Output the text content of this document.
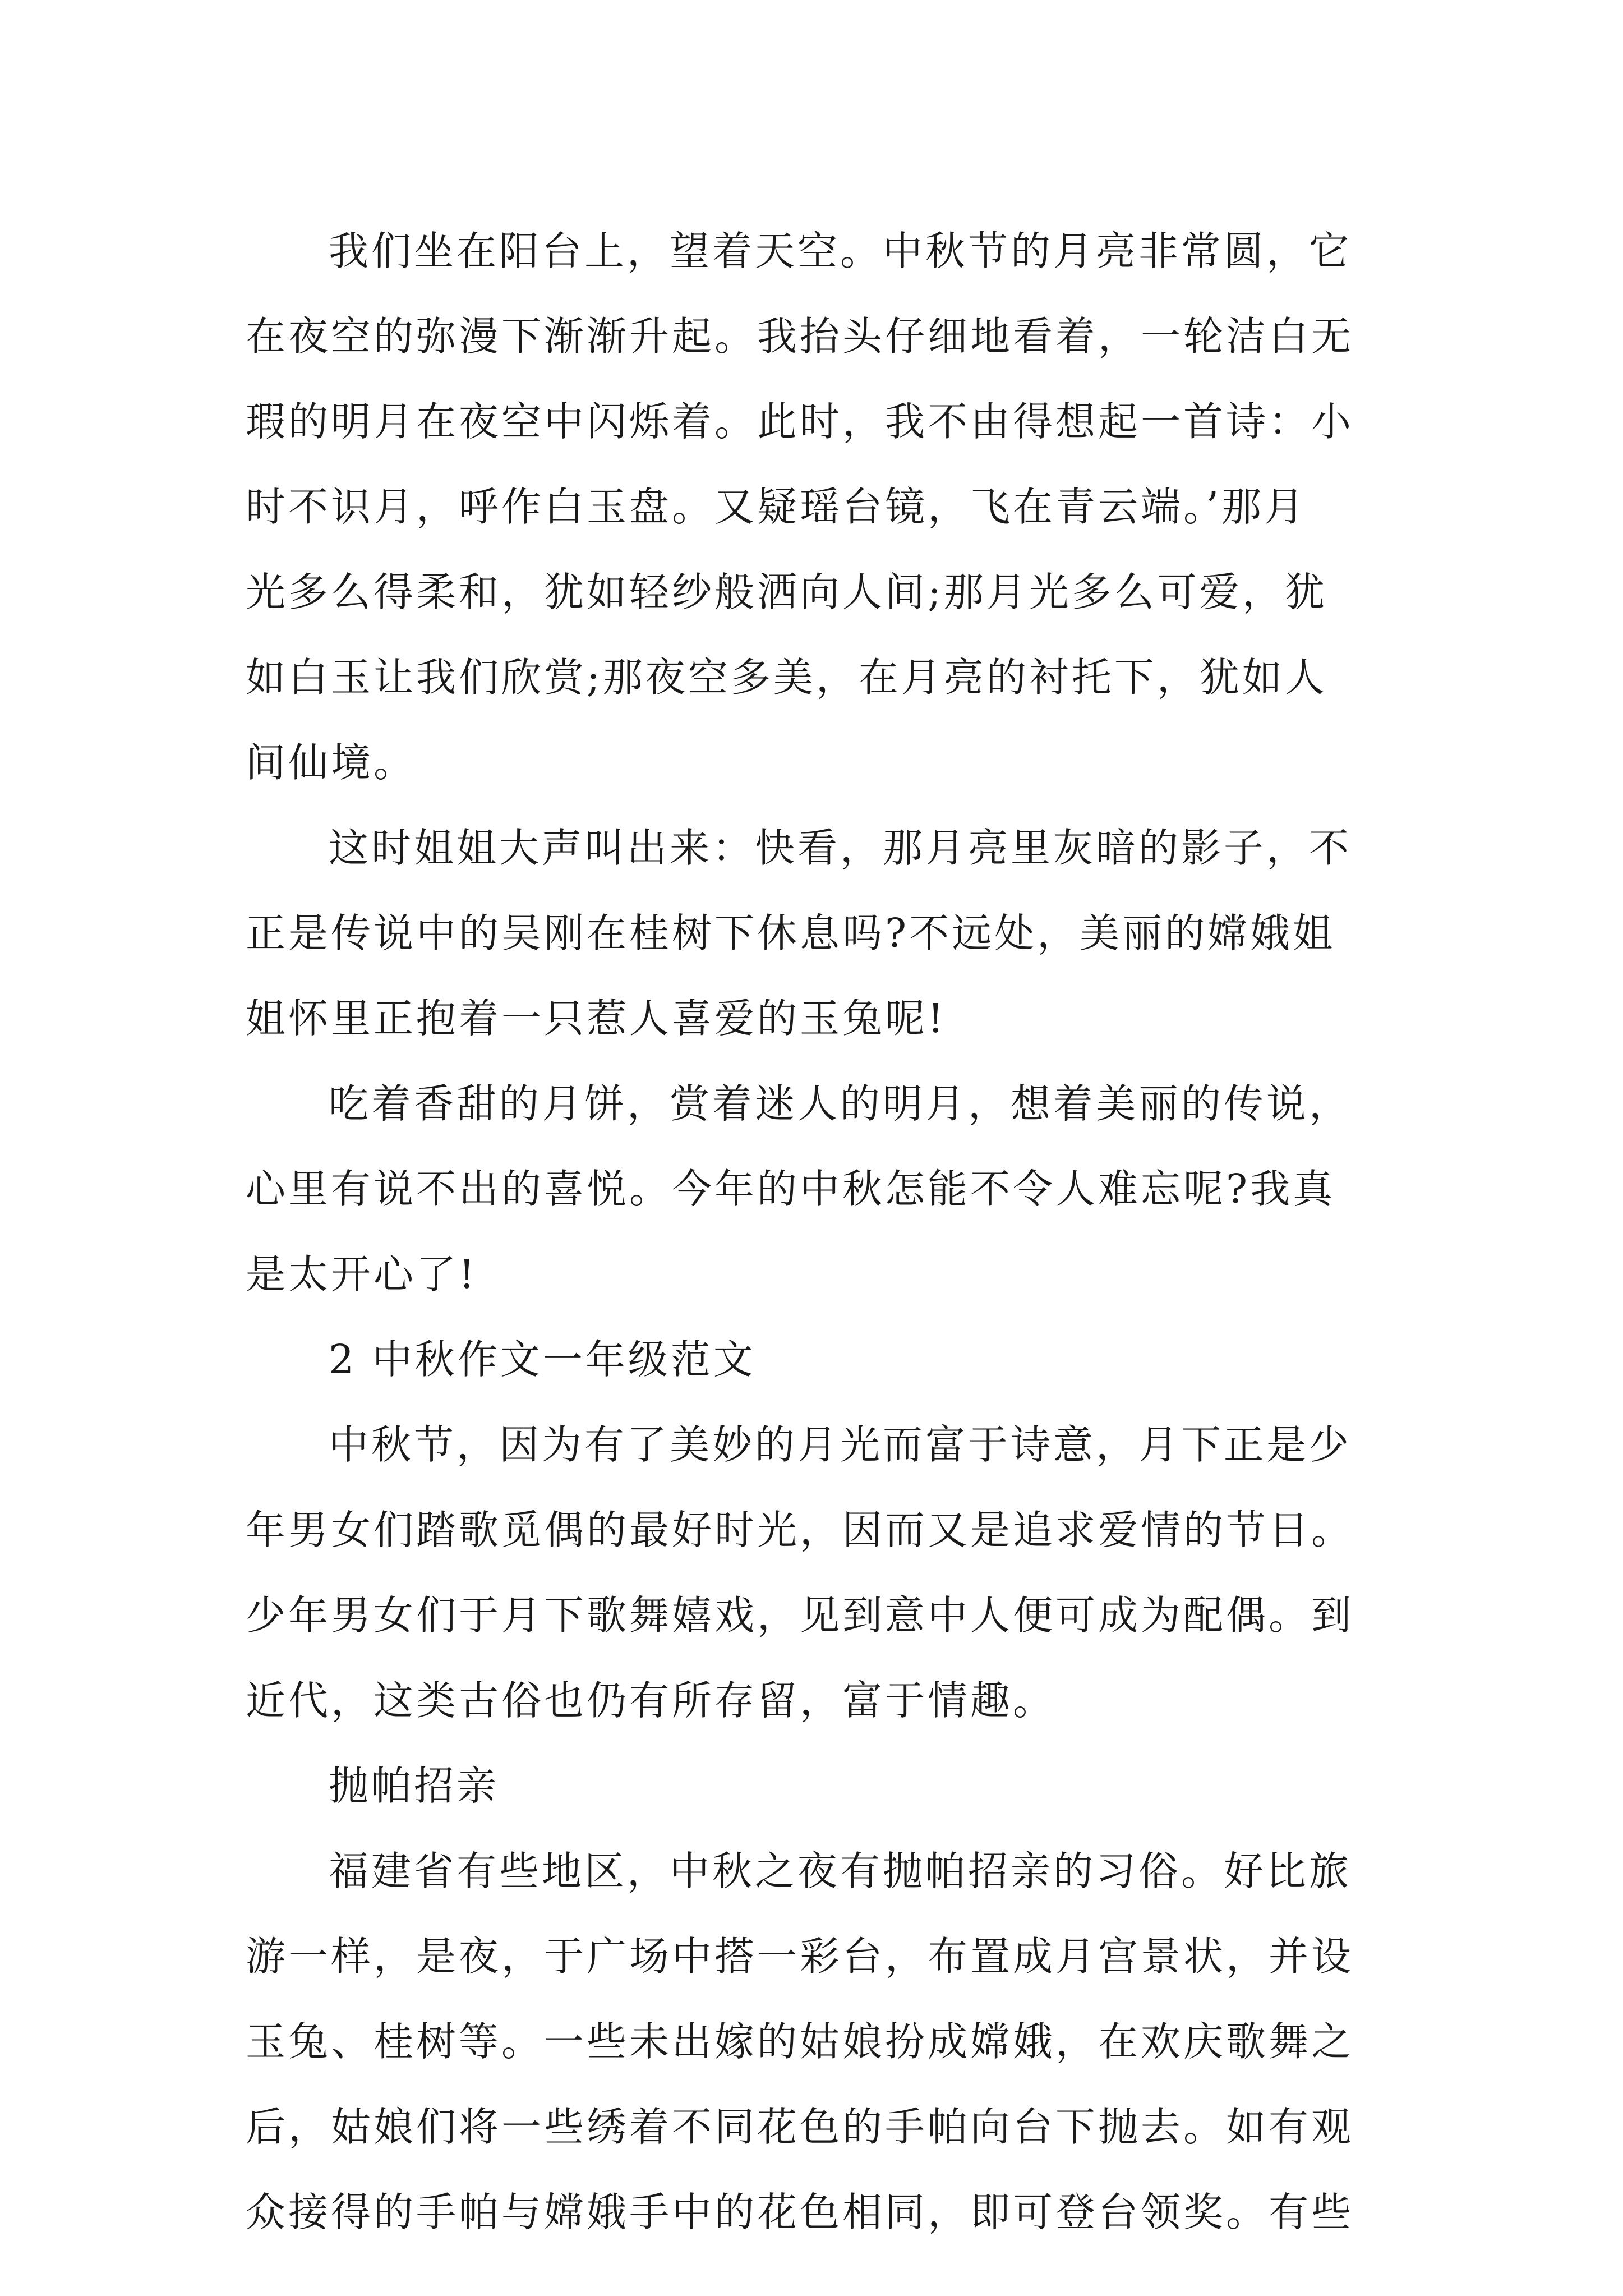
我们坐在阳台上，望着天空。中秋节的月亮非常圆，它
在夜空的弥漫下渐渐升起。我抬头仔细地看着，一轮洁白无
瑕的明月在夜空中闪烁着。此时，我不由得想起一首诗：小
时不识月，呼作白玉盘。又疑瑶台镜，飞在青云端。’那月
光多么得柔和，犹如轻纱般洒向人间;那月光多么可爱，犹
如白玉让我们欣赏;那夜空多美，在月亮的衬托下，犹如人
间仙境。
这时姐姐大声叫出来：快看，那月亮里灰暗的影子，不
正是传说中的吴刚在桂树下休息吗?不远处，美丽的嫦娥姐
姐怀里正抱着一只惹人喜爱的玉兔呢!
吃着香甜的月饼，赏着迷人的明月，想着美丽的传说，
心里有说不出的喜悦。今年的中秋怎能不令人难忘呢?我真
是太开心了!
2 中秋作文一年级范文
中秋节，因为有了美妙的月光而富于诗意，月下正是少
年男女们踏歌觅偶的最好时光，因而又是追求爱情的节日。
少年男女们于月下歌舞嬉戏，见到意中人便可成为配偶。到
近代，这类古俗也仍有所存留，富于情趣。
抛帕招亲
福建省有些地区，中秋之夜有抛帕招亲的习俗。好比旅
游一样，是夜，于广场中搭一彩台，布置成月宫景状，并设
玉兔、桂树等。一些未出嫁的姑娘扮成嫦娥，在欢庆歌舞之
后，姑娘们将一些绣着不同花色的手帕向台下抛去。如有观
众接得的手帕与嫦娥手中的花色相同，即可登台领奖。有些
